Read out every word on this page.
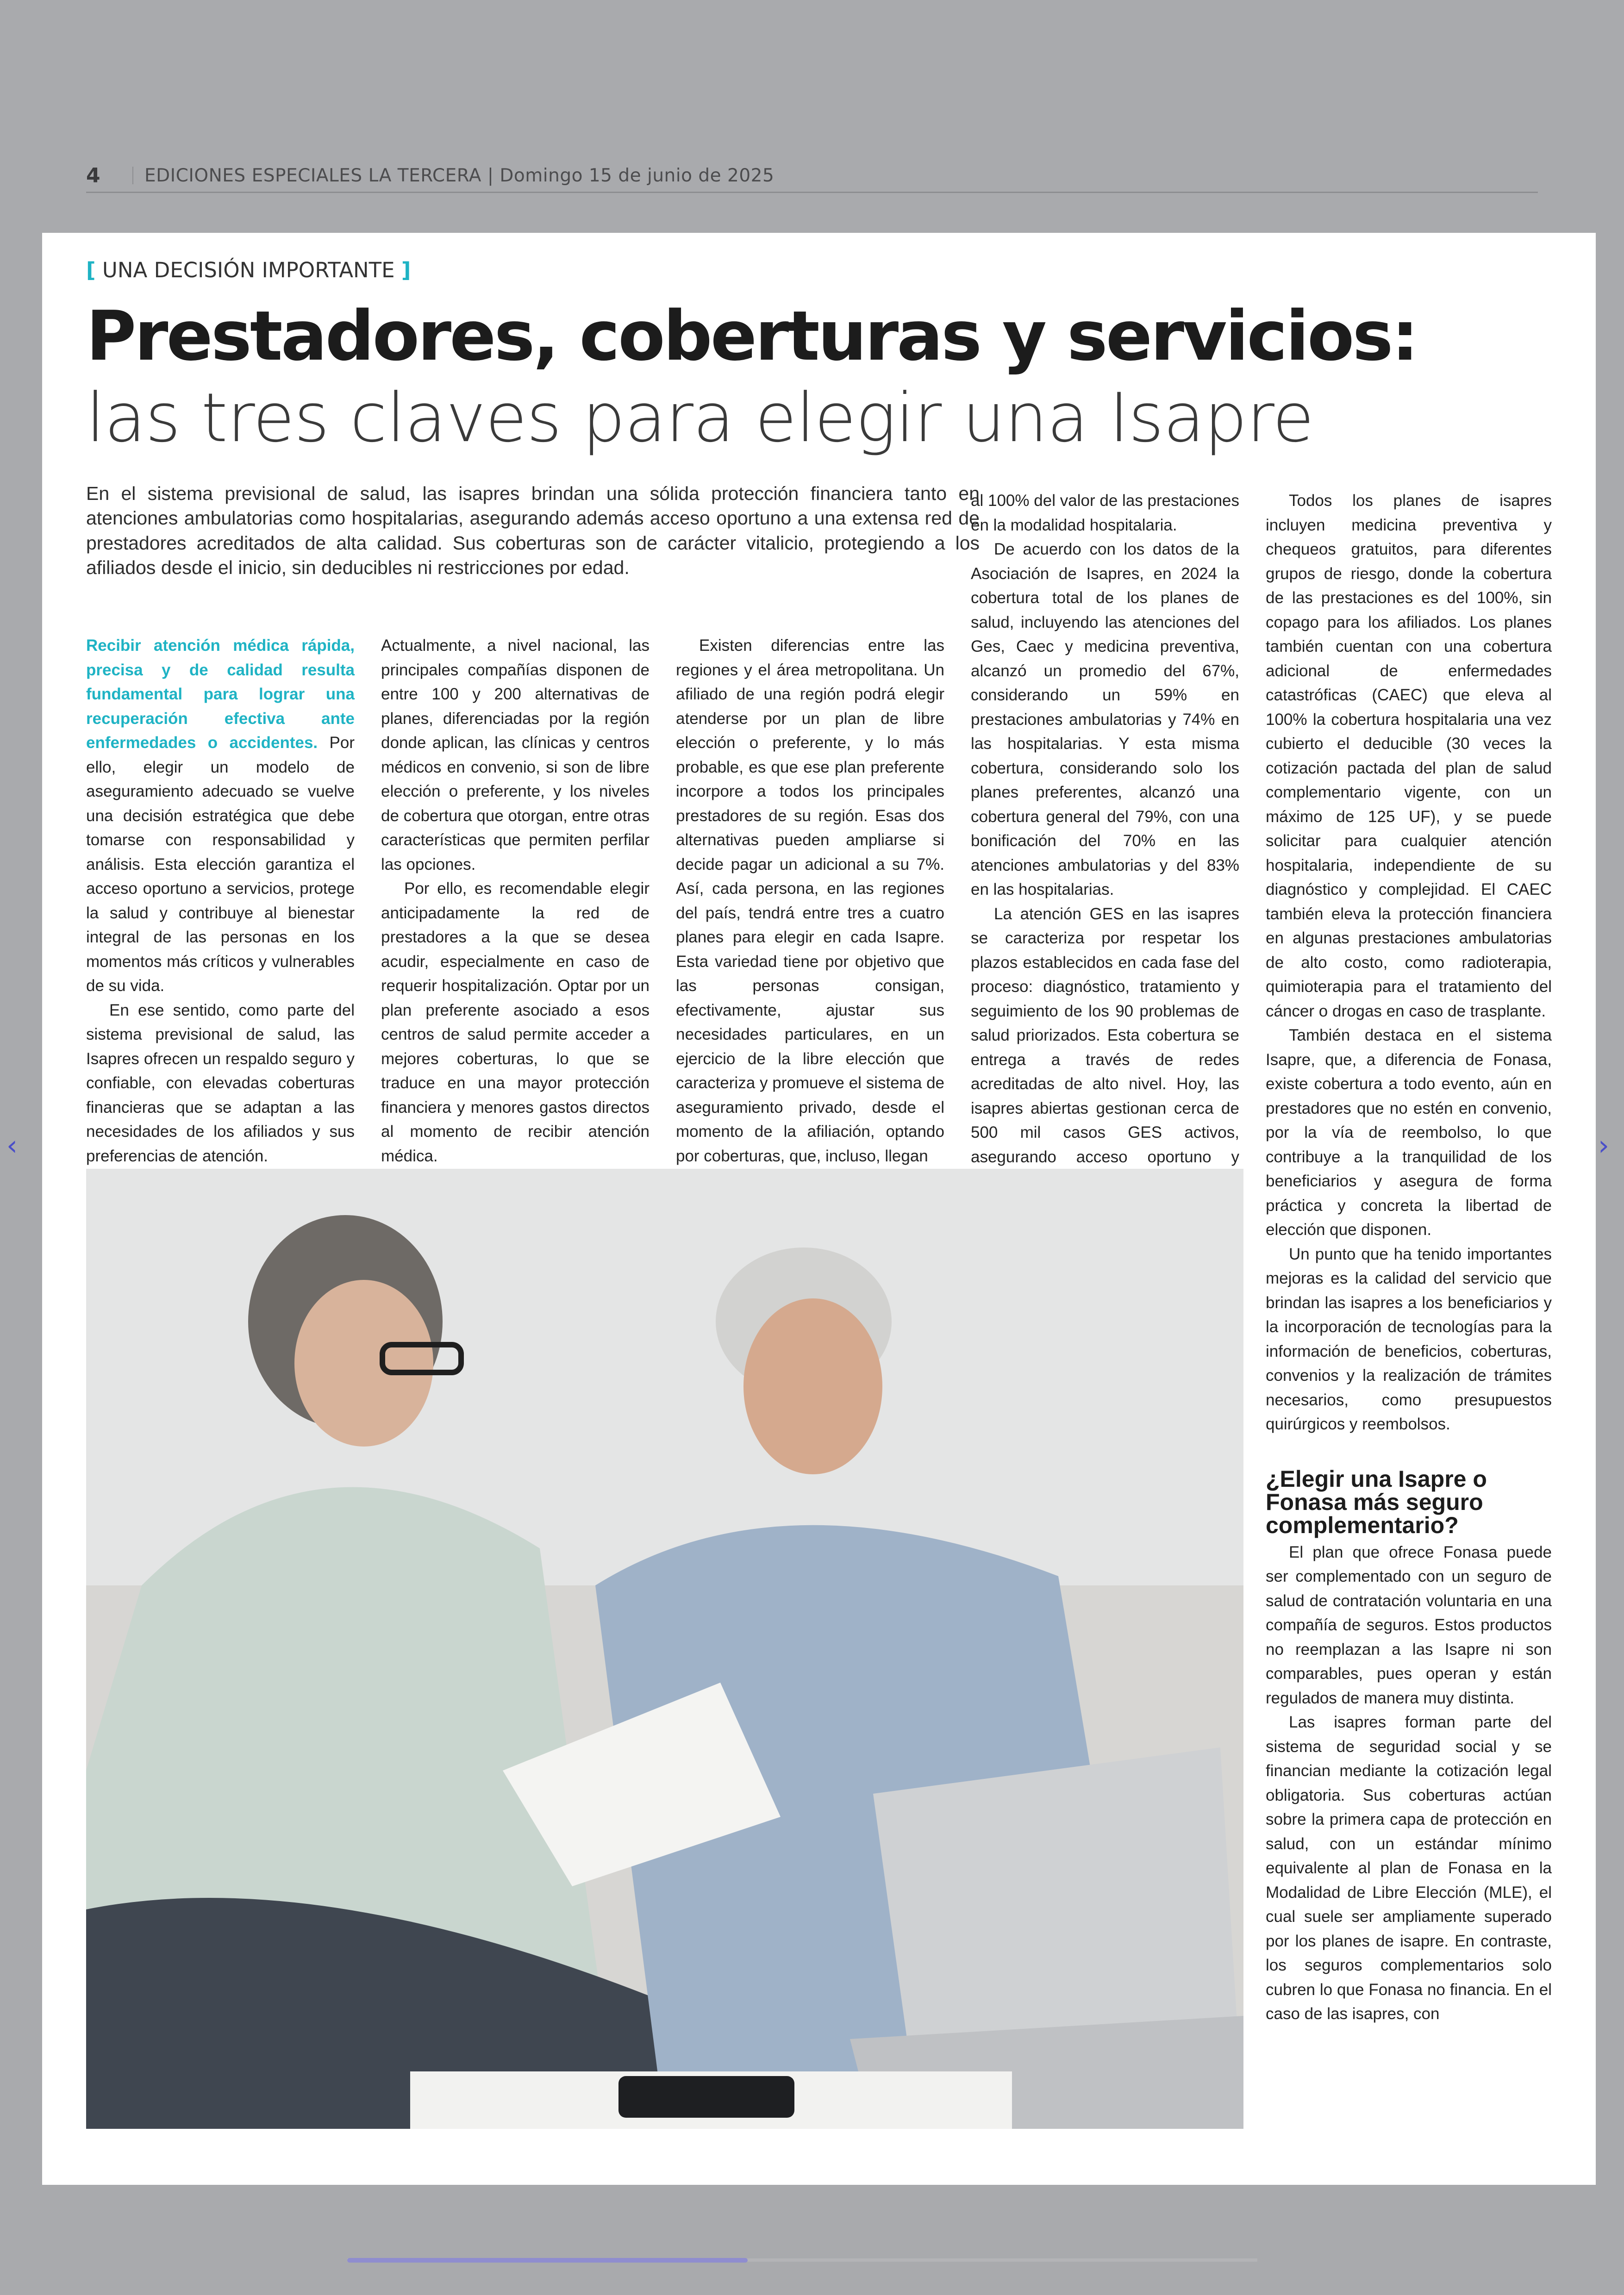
4	EDICIONES ESPECIALES LA TERCERA | Domingo 15 de junio de 2025
[ UNA DECISIÓN IMPORTANTE ]
Prestadores, coberturas y servicios:
las tres claves para elegir una Isapre
En el sistema previsional de salud, las isapres brindan una sólida protección financiera tanto en atenciones ambulatorias como hospitalarias, asegurando además acceso oportuno a una extensa red de prestadores acreditados de alta calidad. Sus coberturas son de carácter vitalicio, protegiendo a los afiliados desde el inicio, sin deducibles ni restricciones por edad.

Recibir atención médica rápida, precisa y de calidad resulta fundamental para lograr una recuperación efectiva ante enfermedades o accidentes. Por ello, elegir un modelo de aseguramiento adecuado se vuelve una decisión estratégica que debe tomarse con responsabilidad y análisis. Esta elección garantiza el acceso oportuno a servicios, protege la salud y contribuye al bienestar integral de las personas en los momentos más críticos y vulnerables de su vida.

En ese sentido, como parte del sistema previsional de salud, las Isapres ofrecen un respaldo seguro y confiable, con elevadas coberturas financieras que se adaptan a las necesidades de los afiliados y sus preferencias de atención.

Actualmente, a nivel nacional, las principales compañías disponen de entre 100 y 200 alternativas de planes, diferenciadas por la región donde aplican, las clínicas y centros médicos en convenio, si son de libre elección o preferente, y los niveles de cobertura que otorgan, entre otras características que permiten perfilar las opciones.

Por ello, es recomendable elegir anticipadamente la red de prestadores a la que se desea acudir, especialmente en caso de requerir hospitalización. Optar por un plan preferente asociado a esos centros de salud permite acceder a mejores coberturas, lo que se traduce en una mayor protección financiera y menores gastos directos al momento de recibir atención médica.

Existen diferencias entre las regiones y el área metropolitana. Un afiliado de una región podrá elegir atenderse por un plan de libre elección o preferente, y lo más probable, es que ese plan preferente incorpore a todos los principales prestadores de su región. Esas dos alternativas pueden ampliarse si decide pagar un adicional a su 7%. Así, cada persona, en las regiones del país, tendrá entre tres a cuatro planes para elegir en cada Isapre. Esta variedad tiene por objetivo que las personas consigan, efectivamente, ajustar sus necesidades particulares, en un ejercicio de la libre elección que caracteriza y promueve el sistema de aseguramiento privado, desde el momento de la afiliación, optando por coberturas, que, incluso, llegan

al 100% del valor de las prestaciones en la modalidad hospitalaria.

De acuerdo con los datos de la Asociación de Isapres, en 2024 la cobertura total de los planes de salud, incluyendo las atenciones del Ges, Caec y medicina preventiva, alcanzó un promedio del 67%, considerando un 59% en prestaciones ambulatorias y 74% en las hospitalarias. Y esta misma cobertura, considerando solo los planes preferentes, alcanzó una cobertura general del 79%, con una bonificación del 70% en las atenciones ambulatorias y del 83% en las hospitalarias.

La atención GES en las isapres se caracteriza por respetar los plazos establecidos en cada fase del proceso: diagnóstico, tratamiento y seguimiento de los 90 problemas de salud priorizados. Esta cobertura se entrega a través de redes acreditadas de alto nivel. Hoy, las isapres abiertas gestionan cerca de 500 mil casos GES activos, asegurando acceso oportuno y

Todos los planes de isapres incluyen medicina preventiva y chequeos gratuitos, para diferentes grupos de riesgo, donde la cobertura de las prestaciones es del 100%, sin copago para los afiliados. Los planes también cuentan con una cobertura adicional de enfermedades catastróficas (CAEC) que eleva al 100% la cobertura hospitalaria una vez cubierto el deducible (30 veces la cotización pactada del plan de salud complementario vigente, con un máximo de 125 UF), y se puede solicitar para cualquier atención hospitalaria, independiente de su diagnóstico y complejidad. El CAEC también eleva la protección financiera en algunas prestaciones ambulatorias de alto costo, como radioterapia, quimioterapia para el tratamiento del cáncer o drogas en caso de trasplante.

También destaca en el sistema Isapre, que, a diferencia de Fonasa, existe cobertura a todo evento, aún en prestadores que no estén en convenio, por la vía de reembolso, lo que contribuye a la tranquilidad de los beneficiarios y asegura de forma práctica y concreta la libertad de elección que disponen.

Un punto que ha tenido importantes mejoras es la calidad del servicio que brindan las isapres a los beneficiarios y la incorporación de tecnologías para la información de beneficios, coberturas, convenios y la realización de trámites necesarios, como presupuestos quirúrgicos y reembolsos.

¿Elegir una Isapre o Fonasa más seguro complementario?

El plan que ofrece Fonasa puede ser complementado con un seguro de salud de contratación voluntaria en una compañía de seguros. Estos productos no reemplazan a las Isapre ni son comparables, pues operan y están regulados de manera muy distinta.

Las isapres forman parte del sistema de seguridad social y se financian mediante la cotización legal obligatoria. Sus coberturas actúan sobre la primera capa de protección en salud, con un estándar mínimo equivalente al plan de Fonasa en la Modalidad de Libre Elección (MLE), el cual suele ser ampliamente superado por los planes de isapre. En contraste, los seguros complementarios solo cubren lo que Fonasa no financia. En el caso de las isapres, con

‹	›
